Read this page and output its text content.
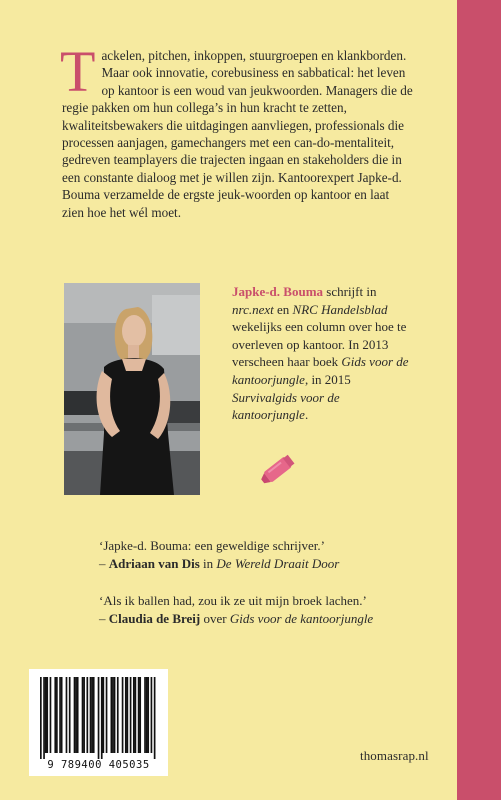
Tackelen, pitchen, inkoppen, stuurgroepen en klankborden. Maar ook innovatie, corebusiness en sabbatical: het leven op kantoor is een woud van jeukwoorden. Managers die de regie pakken om hun collega’s in hun kracht te zetten, kwaliteitsbewakers die uitdagingen aanvliegen, professionals die processen aanjagen, gamechangers met een can-do-mentaliteit, gedreven teamplayers die trajecten ingaan en stakeholders die in een constante dialoog met je willen zijn. Kantoorexpert Japke-d. Bouma verzamelde de ergste jeuk-woorden op kantoor en laat zien hoe het wél moet.
Japke-d. Bouma schrijft in nrc.next en NRC Handelsblad wekelijks een column over hoe te overleven op kantoor. In 2013 verscheen haar boek Gids voor de kantoorjungle, in 2015 Survivalgids voor de kantoorjungle.
‘Japke-d. Bouma: een geweldige schrijver.’
– Adriaan van Dis in De Wereld Draait Door
‘Als ik ballen had, zou ik ze uit mijn broek lachen.’
– Claudia de Breij over Gids voor de kantoorjungle
9 789400 405035
thomasrap.nl
